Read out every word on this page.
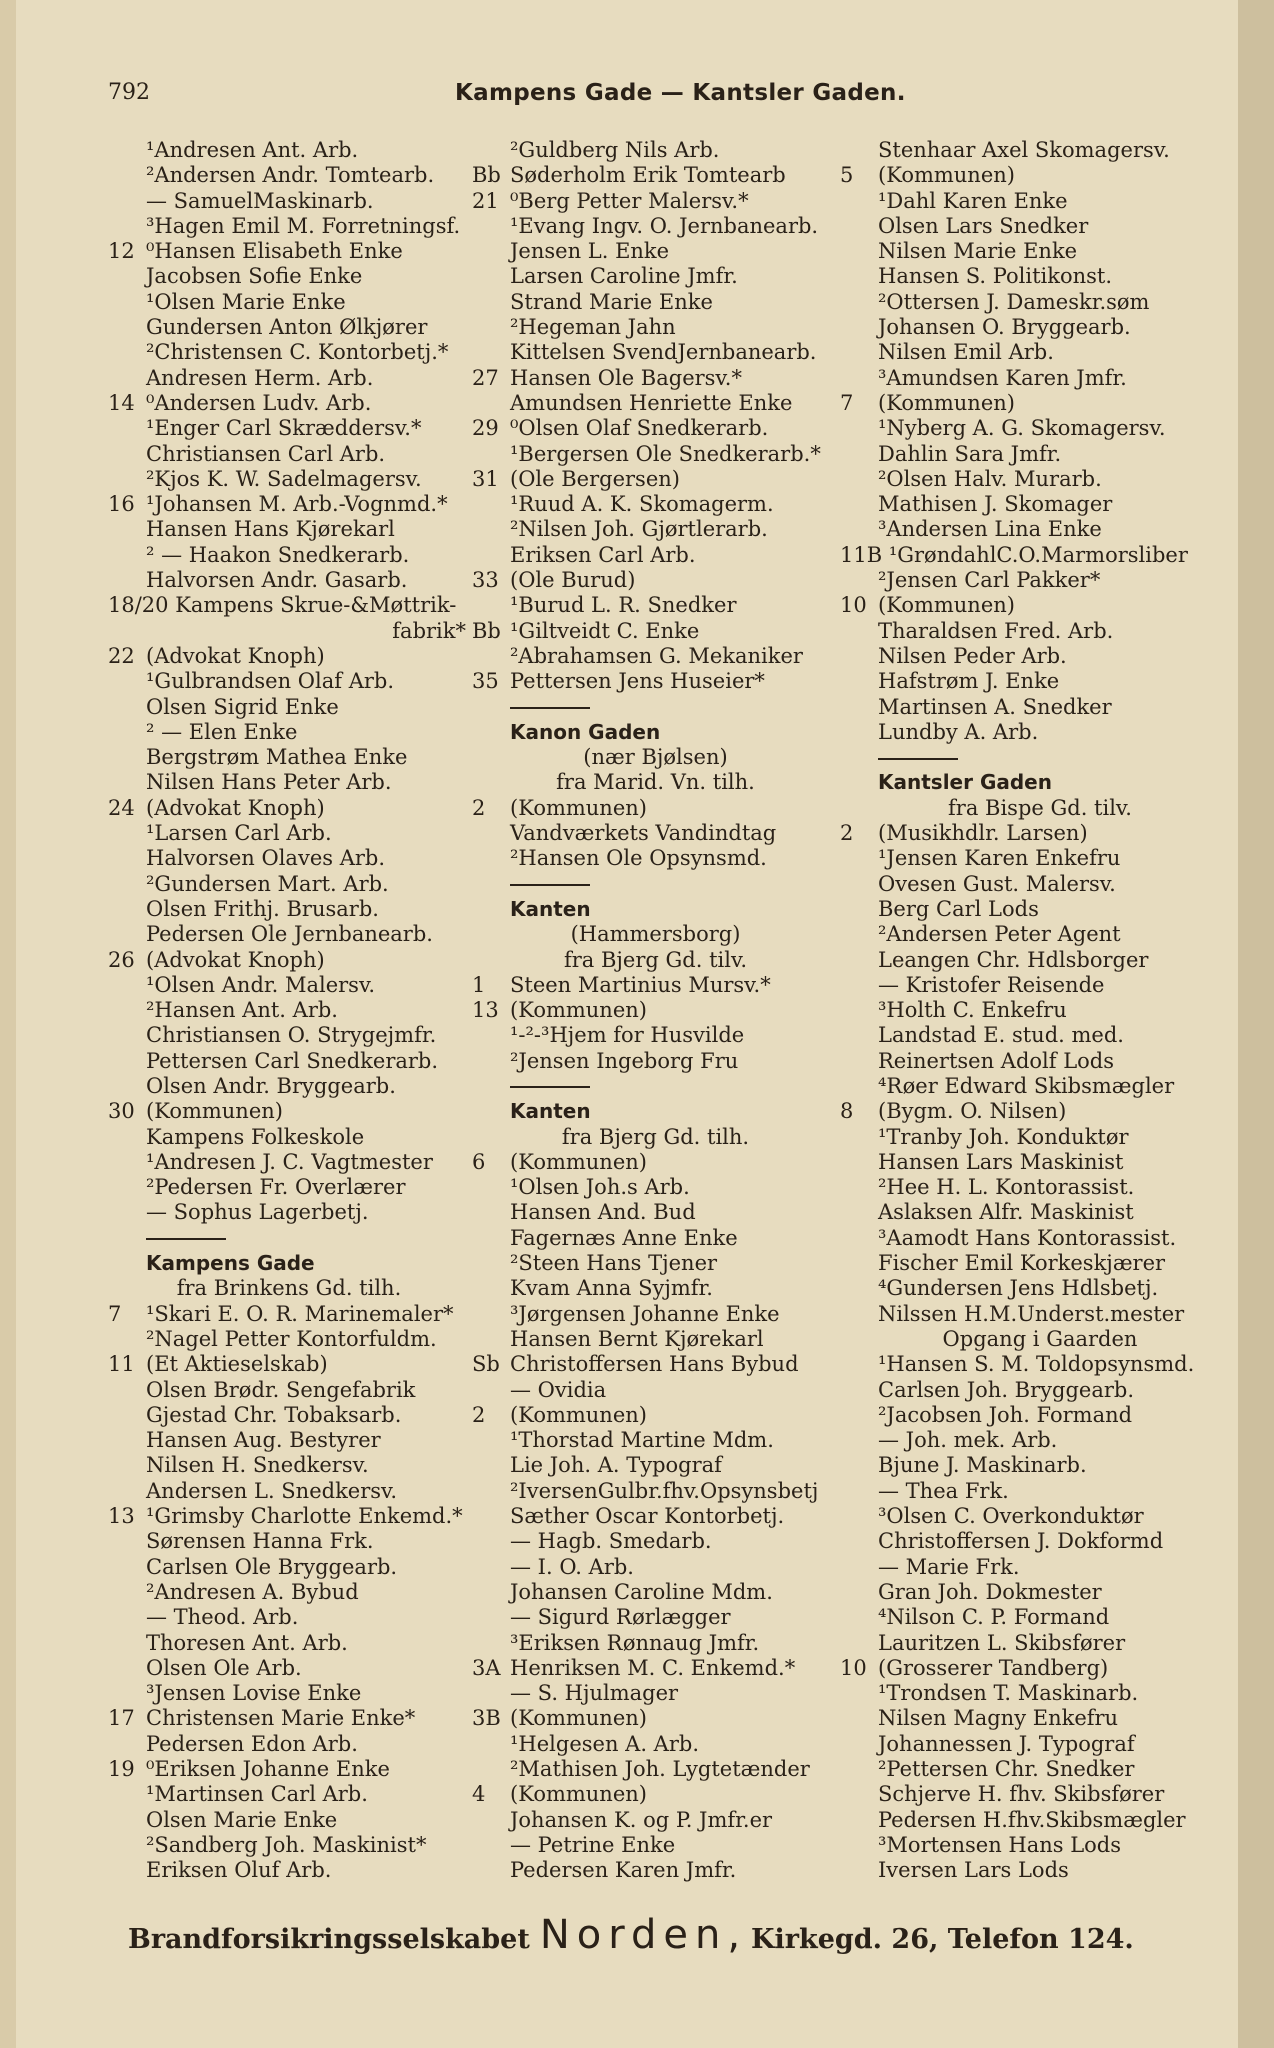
792	Kampens Gade — Kantsler Gaden.
¹Andresen Ant. Arb.
²Andersen Andr. Tomtearb.
— SamuelMaskinarb.
³Hagen Emil M. Forretningsf.
12 ⁰Hansen Elisabeth Enke
Jacobsen Sofie Enke
¹Olsen Marie Enke
Gundersen Anton Ølkjører
²Christensen C. Kontorbetj.*
Andresen Herm. Arb.
14 ⁰Andersen Ludv. Arb.
¹Enger Carl Skræddersv.*
Christiansen Carl Arb.
²Kjos K. W. Sadelmagersv.
16 ¹Johansen M. Arb.-Vognmd.*
Hansen Hans Kjørekarl
² — Haakon Snedkerarb.
Halvorsen Andr. Gasarb.
18/20 Kampens Skrue-&Møttrik-
fabrik*
22 (Advokat Knoph)
¹Gulbrandsen Olaf Arb.
Olsen Sigrid Enke
² — Elen Enke
Bergstrøm Mathea Enke
Nilsen Hans Peter Arb.
24 (Advokat Knoph)
¹Larsen Carl Arb.
Halvorsen Olaves Arb.
²Gundersen Mart. Arb.
Olsen Frithj. Brusarb.
Pedersen Ole Jernbanearb.
26 (Advokat Knoph)
¹Olsen Andr. Malersv.
²Hansen Ant. Arb.
Christiansen O. Strygejmfr.
Pettersen Carl Snedkerarb.
Olsen Andr. Bryggearb.
30 (Kommunen)
Kampens Folkeskole
¹Andresen J. C. Vagtmester
²Pedersen Fr. Overlærer
— Sophus Lagerbetj.
Kampens Gade
fra Brinkens Gd. tilh.
7 ¹Skari E. O. R. Marinemaler*
²Nagel Petter Kontorfuldm.
11 (Et Aktieselskab)
Olsen Brødr. Sengefabrik
Gjestad Chr. Tobaksarb.
Hansen Aug. Bestyrer
Nilsen H. Snedkersv.
Andersen L. Snedkersv.
13 ¹Grimsby Charlotte Enkemd.*
Sørensen Hanna Frk.
Carlsen Ole Bryggearb.
²Andresen A. Bybud
— Theod. Arb.
Thoresen Ant. Arb.
Olsen Ole Arb.
³Jensen Lovise Enke
17 Christensen Marie Enke*
Pedersen Edon Arb.
19 ⁰Eriksen Johanne Enke
¹Martinsen Carl Arb.
Olsen Marie Enke
²Sandberg Joh. Maskinist*
Eriksen Oluf Arb.
²Guldberg Nils Arb.
Bb Søderholm Erik Tomtearb
21 ⁰Berg Petter Malersv.*
¹Evang Ingv. O. Jernbanearb.
Jensen L. Enke
Larsen Caroline Jmfr.
Strand Marie Enke
²Hegeman Jahn
Kittelsen SvendJernbanearb.
27 Hansen Ole Bagersv.*
Amundsen Henriette Enke
29 ⁰Olsen Olaf Snedkerarb.
¹Bergersen Ole Snedkerarb.*
31 (Ole Bergersen)
¹Ruud A. K. Skomagerm.
²Nilsen Joh. Gjørtlerarb.
Eriksen Carl Arb.
33 (Ole Burud)
¹Burud L. R. Snedker
Bb ¹Giltveidt C. Enke
²Abrahamsen G. Mekaniker
35 Pettersen Jens Huseier*
Kanon Gaden
(nær Bjølsen)
fra Marid. Vn. tilh.
2 (Kommunen)
Vandværkets Vandindtag
²Hansen Ole Opsynsmd.
Kanten
(Hammersborg)
fra Bjerg Gd. tilv.
1 Steen Martinius Mursv.*
13 (Kommunen)
¹‑²‑³Hjem for Husvilde
²Jensen Ingeborg Fru
Kanten
fra Bjerg Gd. tilh.
6 (Kommunen)
¹Olsen Joh.s Arb.
Hansen And. Bud
Fagernæs Anne Enke
²Steen Hans Tjener
Kvam Anna Syjmfr.
³Jørgensen Johanne Enke
Hansen Bernt Kjørekarl
Sb Christoffersen Hans Bybud
— Ovidia
2 (Kommunen)
¹Thorstad Martine Mdm.
Lie Joh. A. Typograf
²IversenGulbr.fhv.Opsynsbetj
Sæther Oscar Kontorbetj.
— Hagb. Smedarb.
— I. O. Arb.
Johansen Caroline Mdm.
— Sigurd Rørlægger
³Eriksen Rønnaug Jmfr.
3A Henriksen M. C. Enkemd.*
— S. Hjulmager
3B (Kommunen)
¹Helgesen A. Arb.
²Mathisen Joh. Lygtetænder
4 (Kommunen)
Johansen K. og P. Jmfr.er
— Petrine Enke
Pedersen Karen Jmfr.
Stenhaar Axel Skomagersv.
5 (Kommunen)
¹Dahl Karen Enke
Olsen Lars Snedker
Nilsen Marie Enke
Hansen S. Politikonst.
²Ottersen J. Dameskr.søm
Johansen O. Bryggearb.
Nilsen Emil Arb.
³Amundsen Karen Jmfr.
7 (Kommunen)
¹Nyberg A. G. Skomagersv.
Dahlin Sara Jmfr.
²Olsen Halv. Murarb.
Mathisen J. Skomager
³Andersen Lina Enke
11B ¹GrøndahlC.O.Marmorsliber
²Jensen Carl Pakker*
10 (Kommunen)
Tharaldsen Fred. Arb.
Nilsen Peder Arb.
Hafstrøm J. Enke
Martinsen A. Snedker
Lundby A. Arb.
Kantsler Gaden
fra Bispe Gd. tilv.
2 (Musikhdlr. Larsen)
¹Jensen Karen Enkefru
Ovesen Gust. Malersv.
Berg Carl Lods
²Andersen Peter Agent
Leangen Chr. Hdlsborger
— Kristofer Reisende
³Holth C. Enkefru
Landstad E. stud. med.
Reinertsen Adolf Lods
⁴Røer Edward Skibsmægler
8 (Bygm. O. Nilsen)
¹Tranby Joh. Konduktør
Hansen Lars Maskinist
²Hee H. L. Kontorassist.
Aslaksen Alfr. Maskinist
³Aamodt Hans Kontorassist.
Fischer Emil Korkeskjærer
⁴Gundersen Jens Hdlsbetj.
Nilssen H.M.Underst.mester
Opgang i Gaarden
¹Hansen S. M. Toldopsynsmd.
Carlsen Joh. Bryggearb.
²Jacobsen Joh. Formand
— Joh. mek. Arb.
Bjune J. Maskinarb.
— Thea Frk.
³Olsen C. Overkonduktør
Christoffersen J. Dokformd
— Marie Frk.
Gran Joh. Dokmester
⁴Nilson C. P. Formand
Lauritzen L. Skibsfører
10 (Grosserer Tandberg)
¹Trondsen T. Maskinarb.
Nilsen Magny Enkefru
Johannessen J. Typograf
²Pettersen Chr. Snedker
Schjerve H. fhv. Skibsfører
Pedersen H.fhv.Skibsmægler
³Mortensen Hans Lods
Iversen Lars Lods
Brandforsikringsselskabet Norden, Kirkegd. 26, Telefon 124.
